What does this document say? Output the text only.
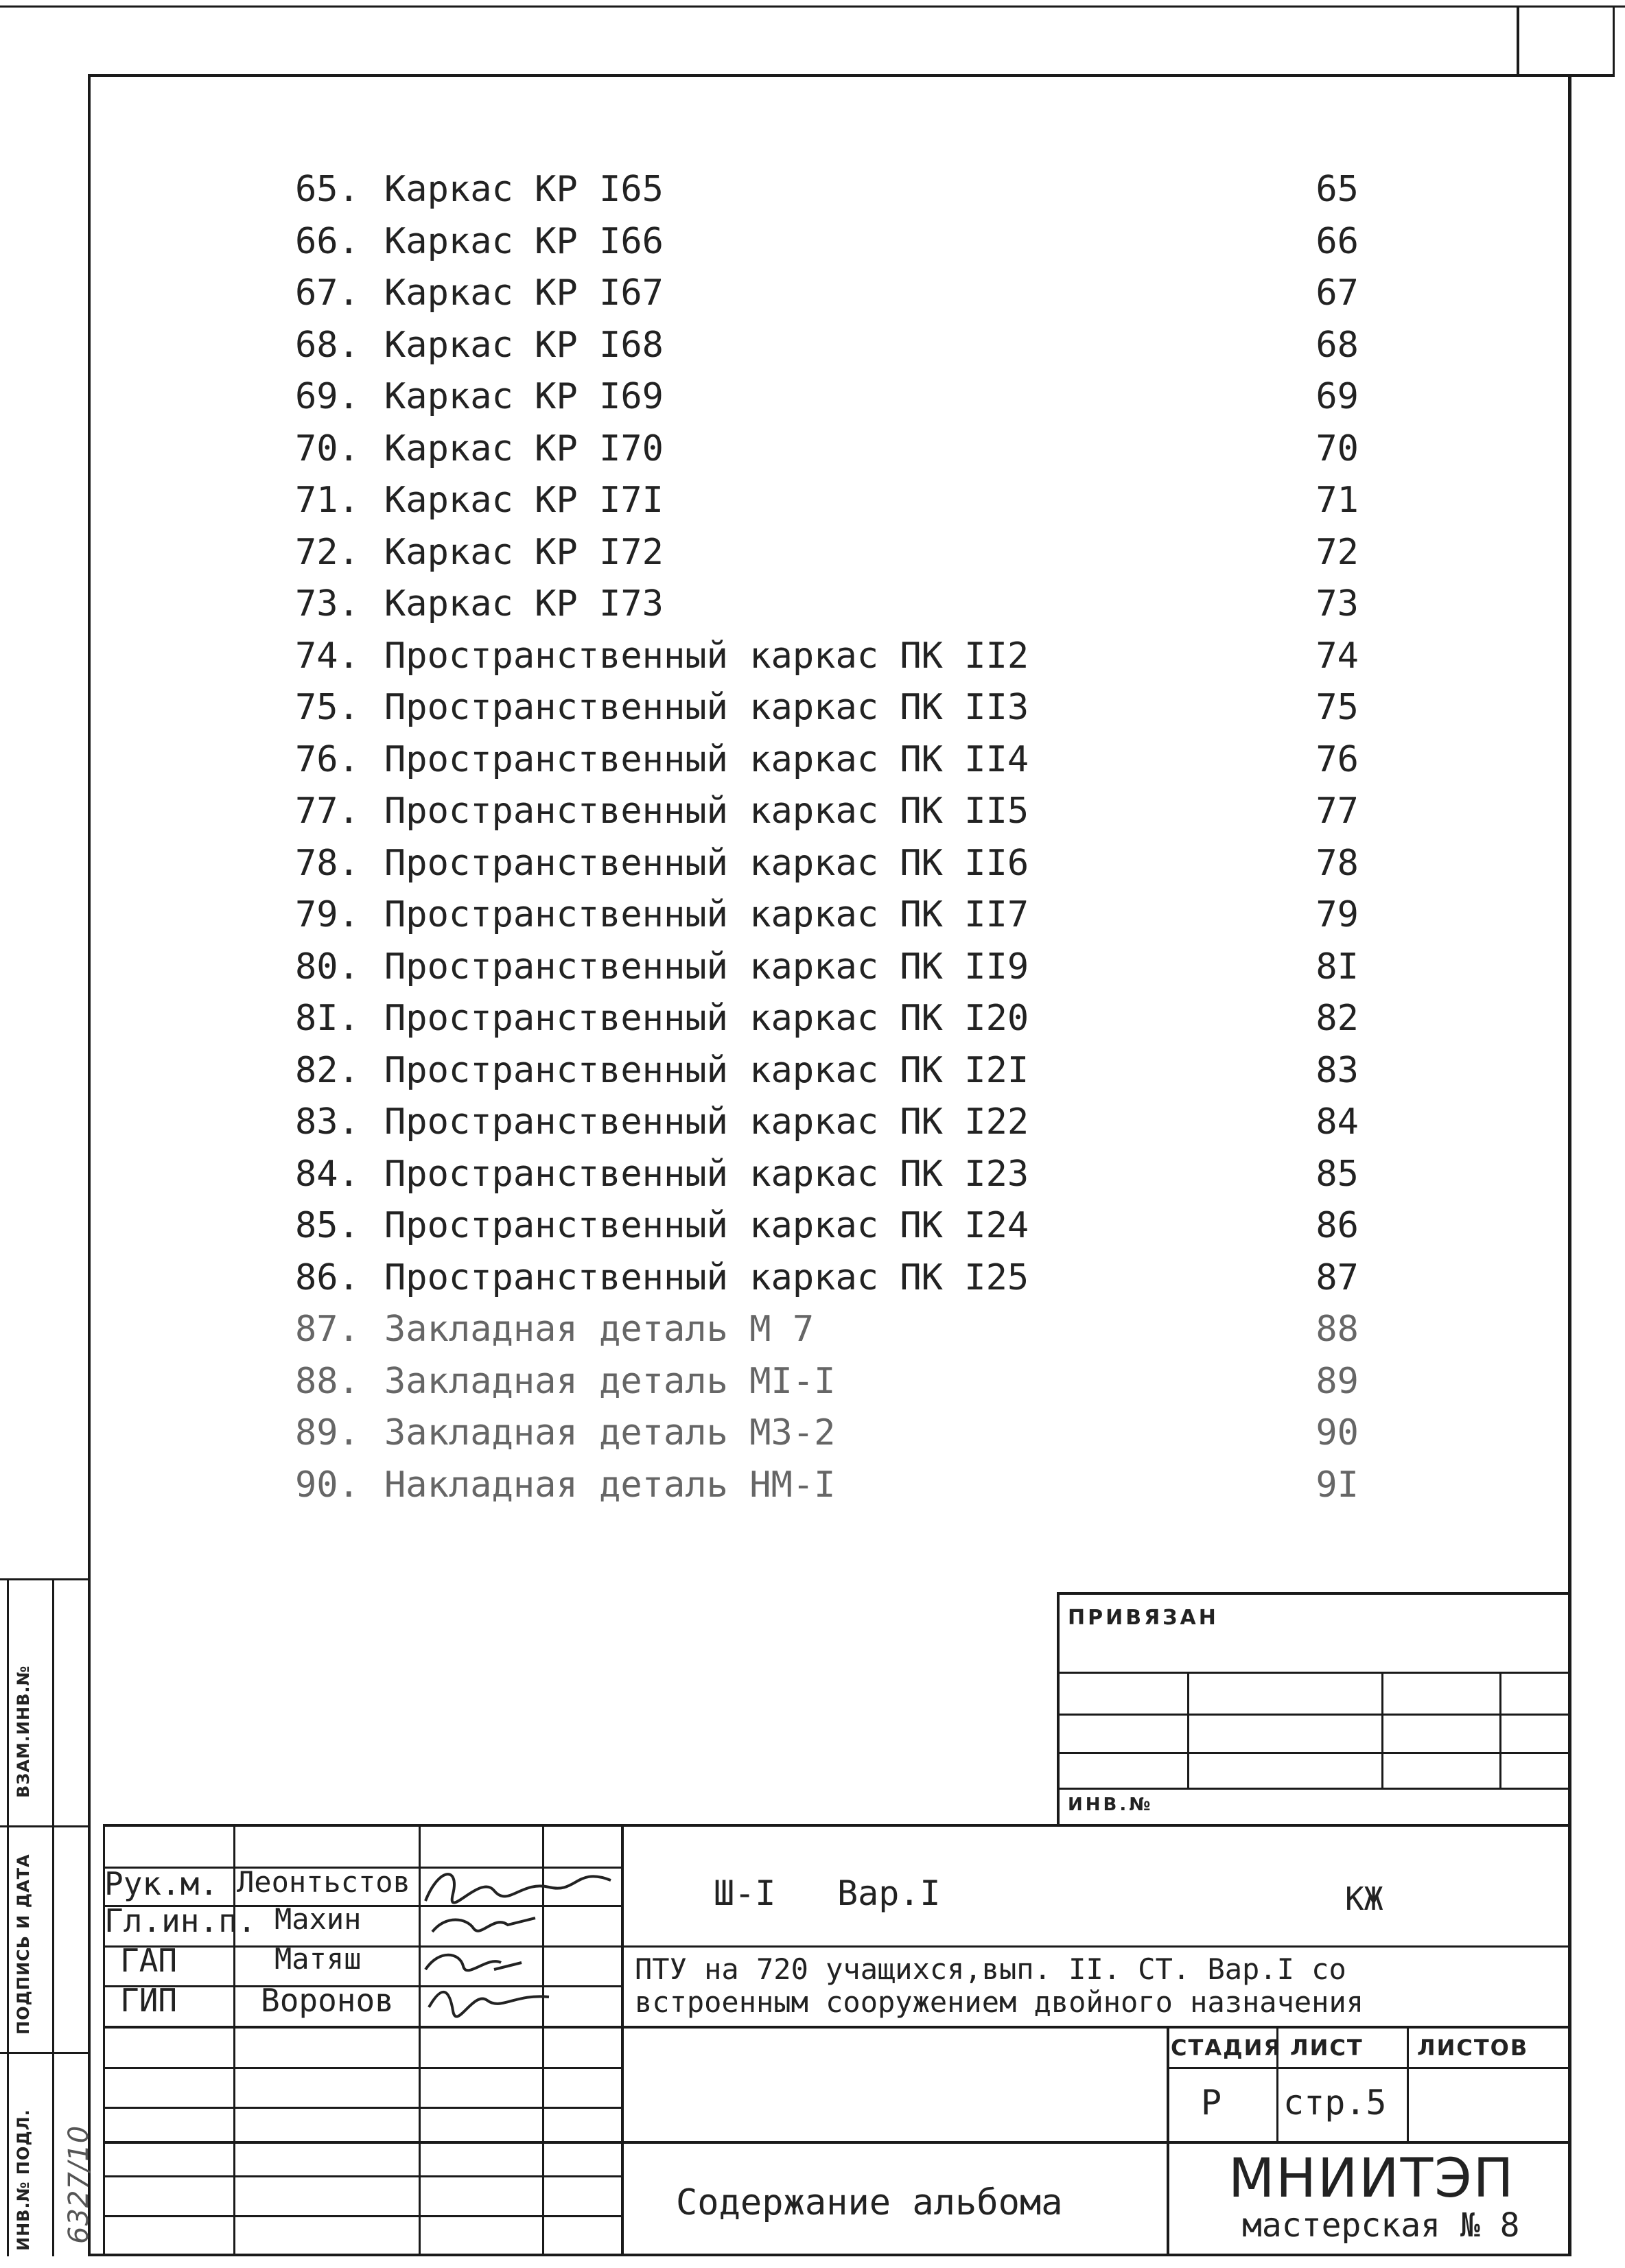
65. Каркас КР I65	65
66. Каркас КР I66	66
67. Каркас КР I67	67
68. Каркас КР I68	68
69. Каркас КР I69	69
70. Каркас КР I70	70
71. Каркас КР I7I	71
72. Каркас КР I72	72
73. Каркас КР I73	73
74. Пространственный каркас ПК II2	74
75. Пространственный каркас ПК II3	75
76. Пространственный каркас ПК II4	76
77. Пространственный каркас ПК II5	77
78. Пространственный каркас ПК II6	78
79. Пространственный каркас ПК II7	79
80. Пространственный каркас ПК II9	8I
8I. Пространственный каркас ПК I20	82
82. Пространственный каркас ПК I2I	83
83. Пространственный каркас ПК I22	84
84. Пространственный каркас ПК I23	85
85. Пространственный каркас ПК I24	86
86. Пространственный каркас ПК I25	87
87. Закладная деталь М 7	88
88. Закладная деталь МI-I	89
89. Закладная деталь МЗ-2	90
90. Накладная деталь НМ-I	9I
ВЗАМ.ИНВ.№
ПОДПИСЬ И ДАТА
ИНВ.№ ПОДЛ. 6327/10
ПРИВЯЗАН
ИНВ.№
Рук.м. Леонтьстов
Гл.ин.п. Махин
ГАП	Матяш
ГИП	Воронов
Ш-I Вар.I	КЖ
ПТУ на 720 учащихся,вып. ІІ. СТ. Вар.I со
встроенным сооружением двойного назначения
СТАДИЯ ЛИСТ ЛИСТОВ
Р стр.5
Содержание альбома	МНИИТЭП
мастерская № 8
